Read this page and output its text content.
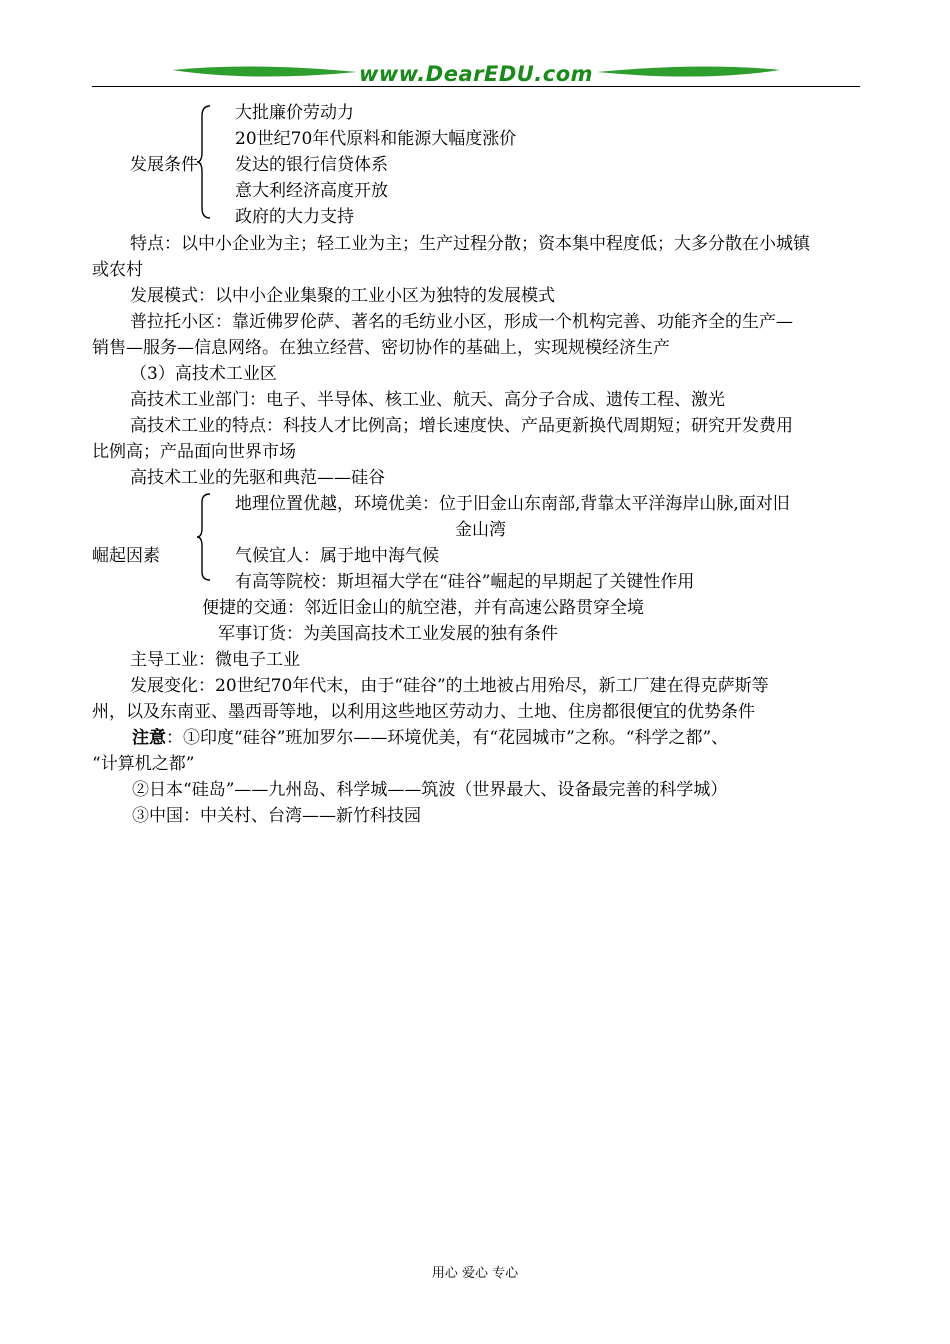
www.DearEDU.com
发展条件
大批廉价劳动力
20世纪70年代原料和能源大幅度涨价
发达的银行信贷体系
意大利经济高度开放
政府的大力支持
特点：以中小企业为主；轻工业为主；生产过程分散；资本集中程度低；大多分散在小城镇
或农村
发展模式：以中小企业集聚的工业小区为独特的发展模式
普拉托小区：靠近佛罗伦萨、著名的毛纺业小区，形成一个机构完善、功能齐全的生产—
销售—服务—信息网络。在独立经营、密切协作的基础上，实现规模经济生产
（3）高技术工业区
高技术工业部门：电子、半导体、核工业、航天、高分子合成、遗传工程、激光
高技术工业的特点：科技人才比例高；增长速度快、产品更新换代周期短；研究开发费用
比例高；产品面向世界市场
高技术工业的先驱和典范——硅谷
崛起因素
地理位置优越，环境优美：位于旧金山东南部,背靠太平洋海岸山脉,面对旧
金山湾
气候宜人：属于地中海气候
有高等院校：斯坦福大学在“硅谷”崛起的早期起了关键性作用
便捷的交通：邻近旧金山的航空港，并有高速公路贯穿全境
军事订货：为美国高技术工业发展的独有条件
主导工业：微电子工业
发展变化：20世纪70年代末，由于“硅谷”的土地被占用殆尽，新工厂建在得克萨斯等
州，以及东南亚、墨西哥等地，以利用这些地区劳动力、土地、住房都很便宜的优势条件
注意：①印度“硅谷”班加罗尔——环境优美，有“花园城市”之称。“科学之都”、
“计算机之都”
②日本“硅岛”——九州岛、科学城——筑波（世界最大、设备最完善的科学城）
③中国：中关村、台湾——新竹科技园
用心 爱心 专心
